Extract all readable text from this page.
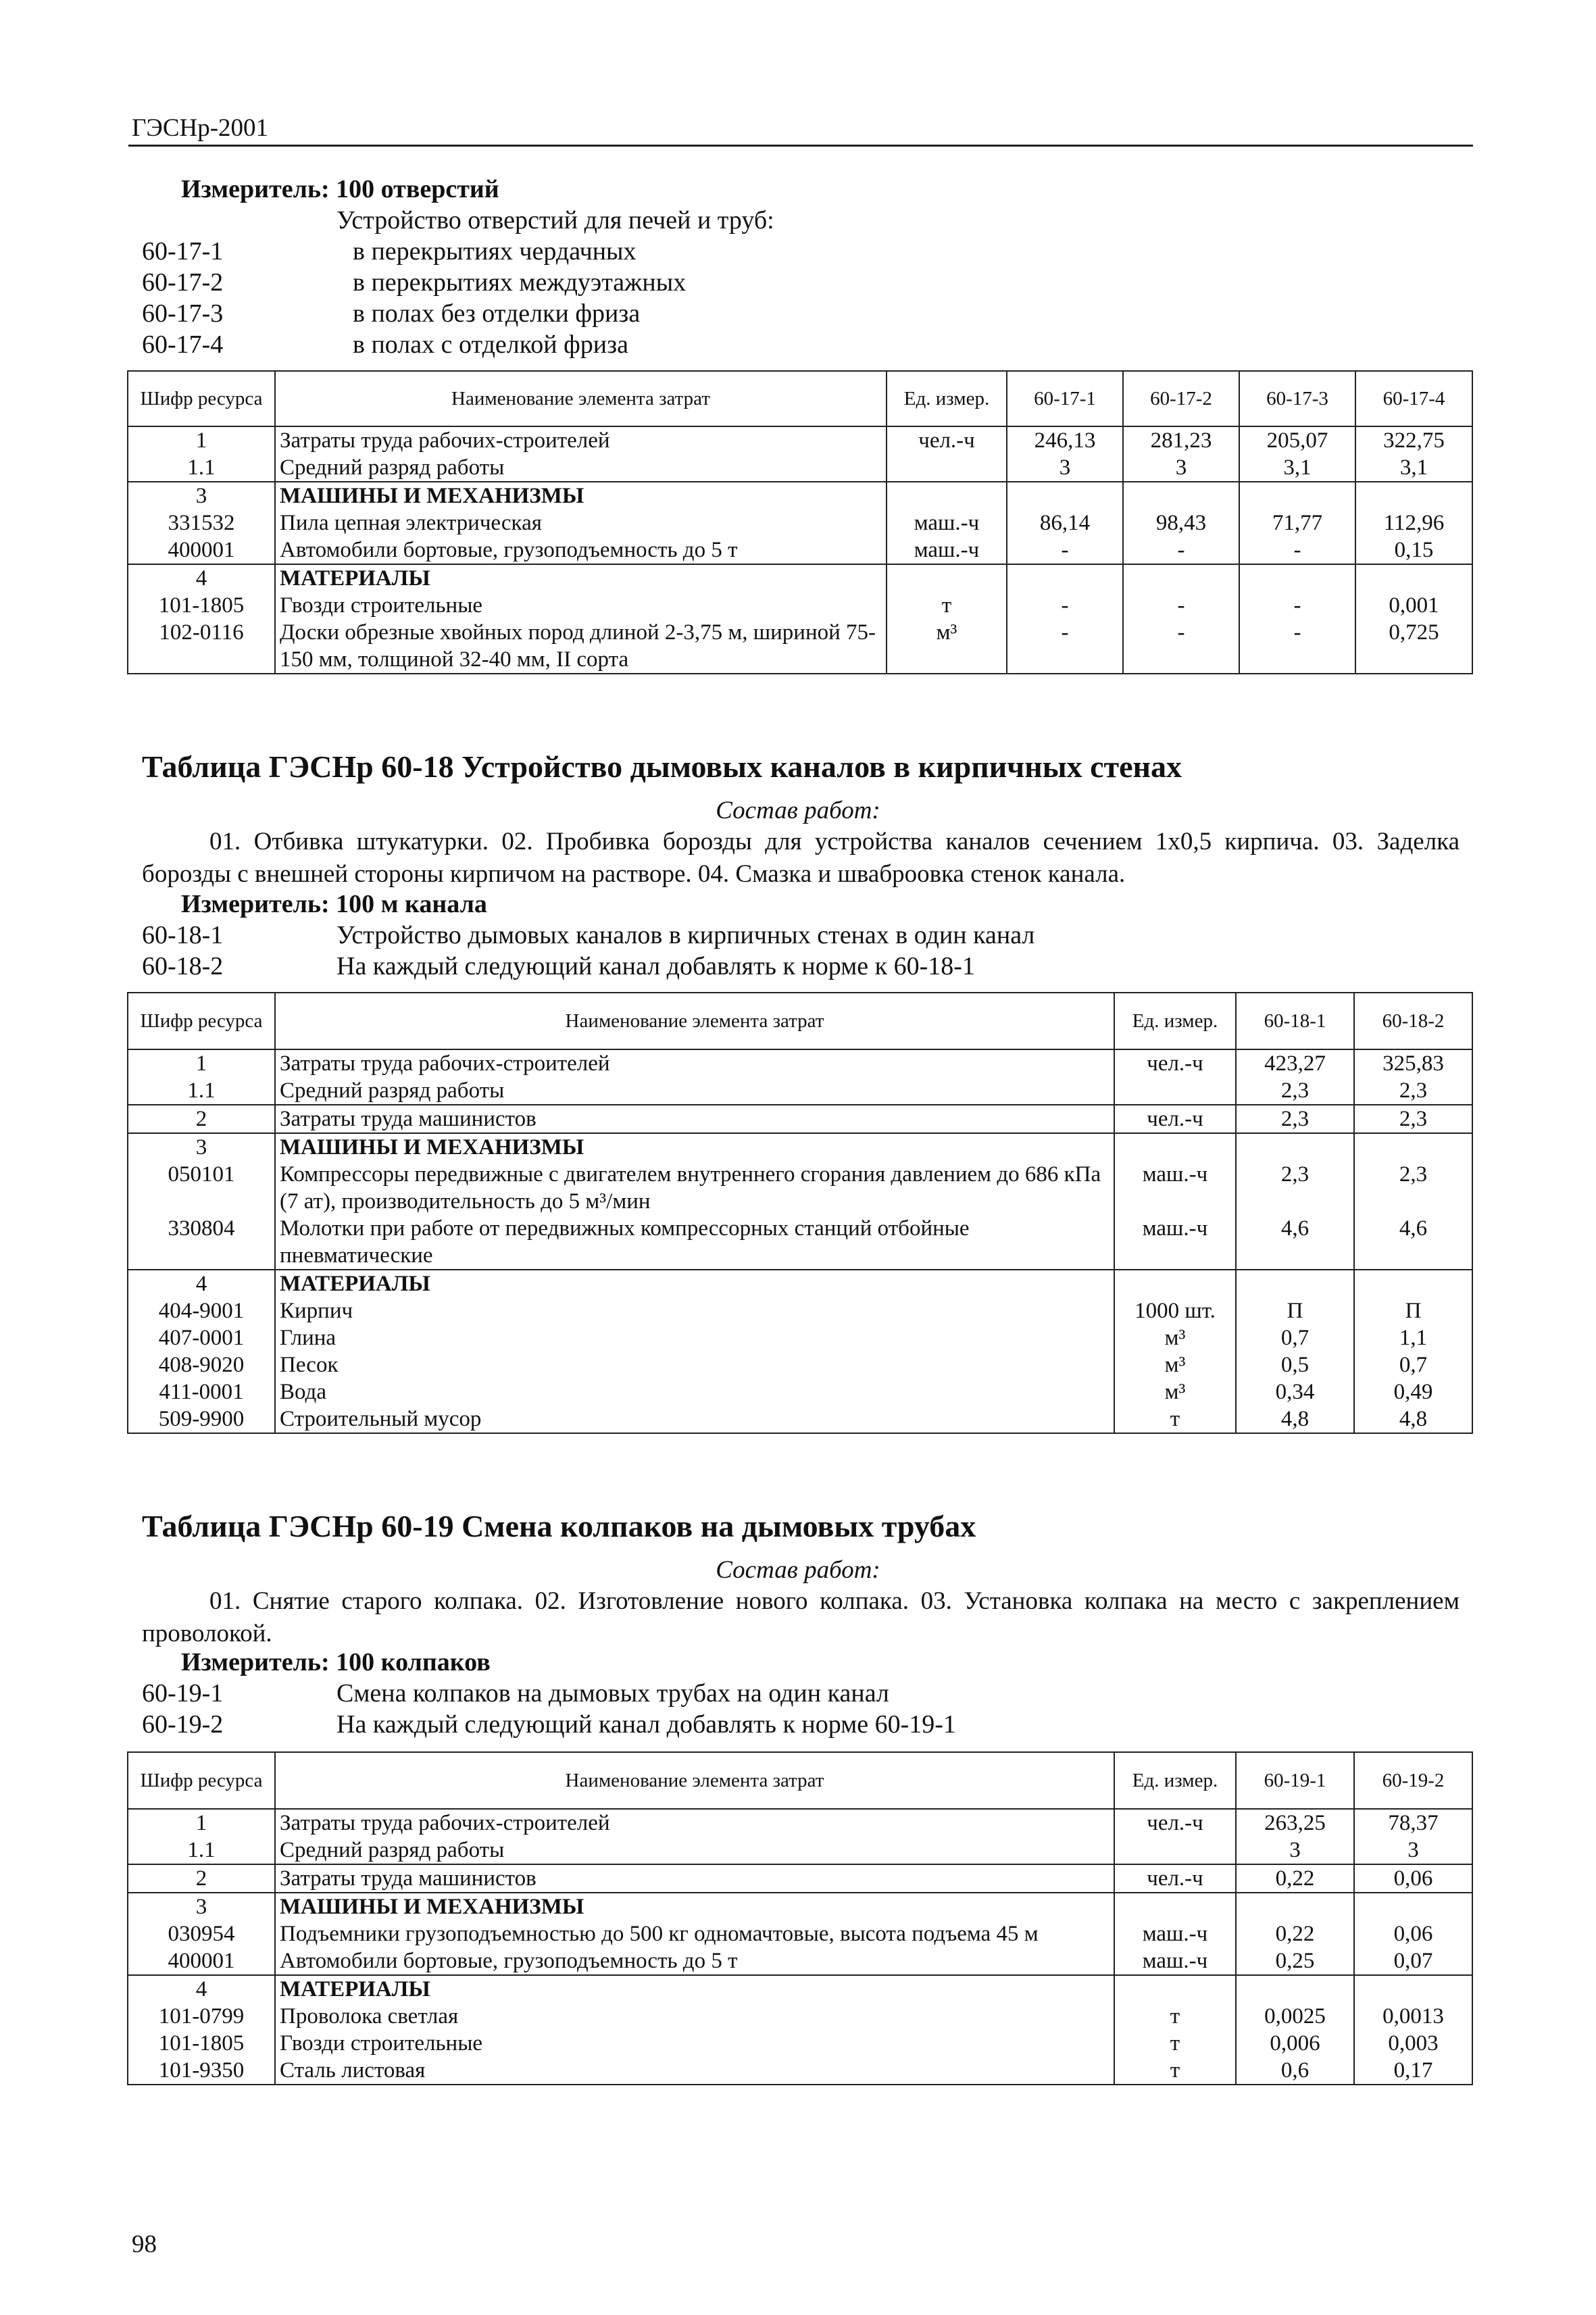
ГЭСНр-2001
Измеритель: 100 отверстий
Устройство отверстий для печей и труб:
60-17-1	в перекрытиях чердачных
60-17-2	в перекрытиях междуэтажных
60-17-3	в полах без отделки фриза
60-17-4	в полах с отделкой фриза
Шифр ресурса	Наименование элемента затрат	Ед. измер.	60-17-1	60-17-2	60-17-3	60-17-4
1	Затраты труда рабочих-строителей	чел.-ч	246,13	281,23	205,07	322,75
1.1	Средний разряд работы		3	3	3,1	3,1
3	МАШИНЫ И МЕХАНИЗМЫ					
331532	Пила цепная электрическая	маш.-ч	86,14	98,43	71,77	112,96
400001	Автомобили бортовые, грузоподъемность до 5 т	маш.-ч	-	-	-	0,15
4	МАТЕРИАЛЫ					
101-1805	Гвозди строительные	т	-	-	-	0,001
102-0116	Доски обрезные хвойных пород длиной 2-3,75 м, шириной 75-150 мм, толщиной 32-40 мм, II сорта	м³	-	-	-	0,725
Таблица ГЭСНр 60-18 Устройство дымовых каналов в кирпичных стенах
Состав работ:
01. Отбивка штукатурки. 02. Пробивка борозды для устройства каналов сечением 1х0,5 кирпича. 03. Заделка борозды с внешней стороны кирпичом на растворе. 04. Смазка и шваброовка стенок канала.
Измеритель: 100 м канала
60-18-1	Устройство дымовых каналов в кирпичных стенах в один канал
60-18-2	На каждый следующий канал добавлять к норме к 60-18-1
Шифр ресурса	Наименование элемента затрат	Ед. измер.	60-18-1	60-18-2
1	Затраты труда рабочих-строителей	чел.-ч	423,27	325,83
1.1	Средний разряд работы		2,3	2,3
2	Затраты труда машинистов	чел.-ч	2,3	2,3
3	МАШИНЫ И МЕХАНИЗМЫ			
050101	Компрессоры передвижные с двигателем внутреннего сгорания давлением до 686 кПа (7 ат), производительность до 5 м³/мин	маш.-ч	2,3	2,3
330804	Молотки при работе от передвижных компрессорных станций отбойные пневматические	маш.-ч	4,6	4,6
4	МАТЕРИАЛЫ			
404-9001	Кирпич	1000 шт.	П	П
407-0001	Глина	м³	0,7	1,1
408-9020	Песок	м³	0,5	0,7
411-0001	Вода	м³	0,34	0,49
509-9900	Строительный мусор	т	4,8	4,8
Таблица ГЭСНр 60-19 Смена колпаков на дымовых трубах
Состав работ:
01. Снятие старого колпака. 02. Изготовление нового колпака. 03. Установка колпака на место с закреплением проволокой.
Измеритель: 100 колпаков
60-19-1	Смена колпаков на дымовых трубах на один канал
60-19-2	На каждый следующий канал добавлять к норме 60-19-1
Шифр ресурса	Наименование элемента затрат	Ед. измер.	60-19-1	60-19-2
1	Затраты труда рабочих-строителей	чел.-ч	263,25	78,37
1.1	Средний разряд работы		3	3
2	Затраты труда машинистов	чел.-ч	0,22	0,06
3	МАШИНЫ И МЕХАНИЗМЫ			
030954	Подъемники грузоподъемностью до 500 кг одномачтовые, высота подъема 45 м	маш.-ч	0,22	0,06
400001	Автомобили бортовые, грузоподъемность до 5 т	маш.-ч	0,25	0,07
4	МАТЕРИАЛЫ			
101-0799	Проволока светлая	т	0,0025	0,0013
101-1805	Гвозди строительные	т	0,006	0,003
101-9350	Сталь листовая	т	0,6	0,17
98
